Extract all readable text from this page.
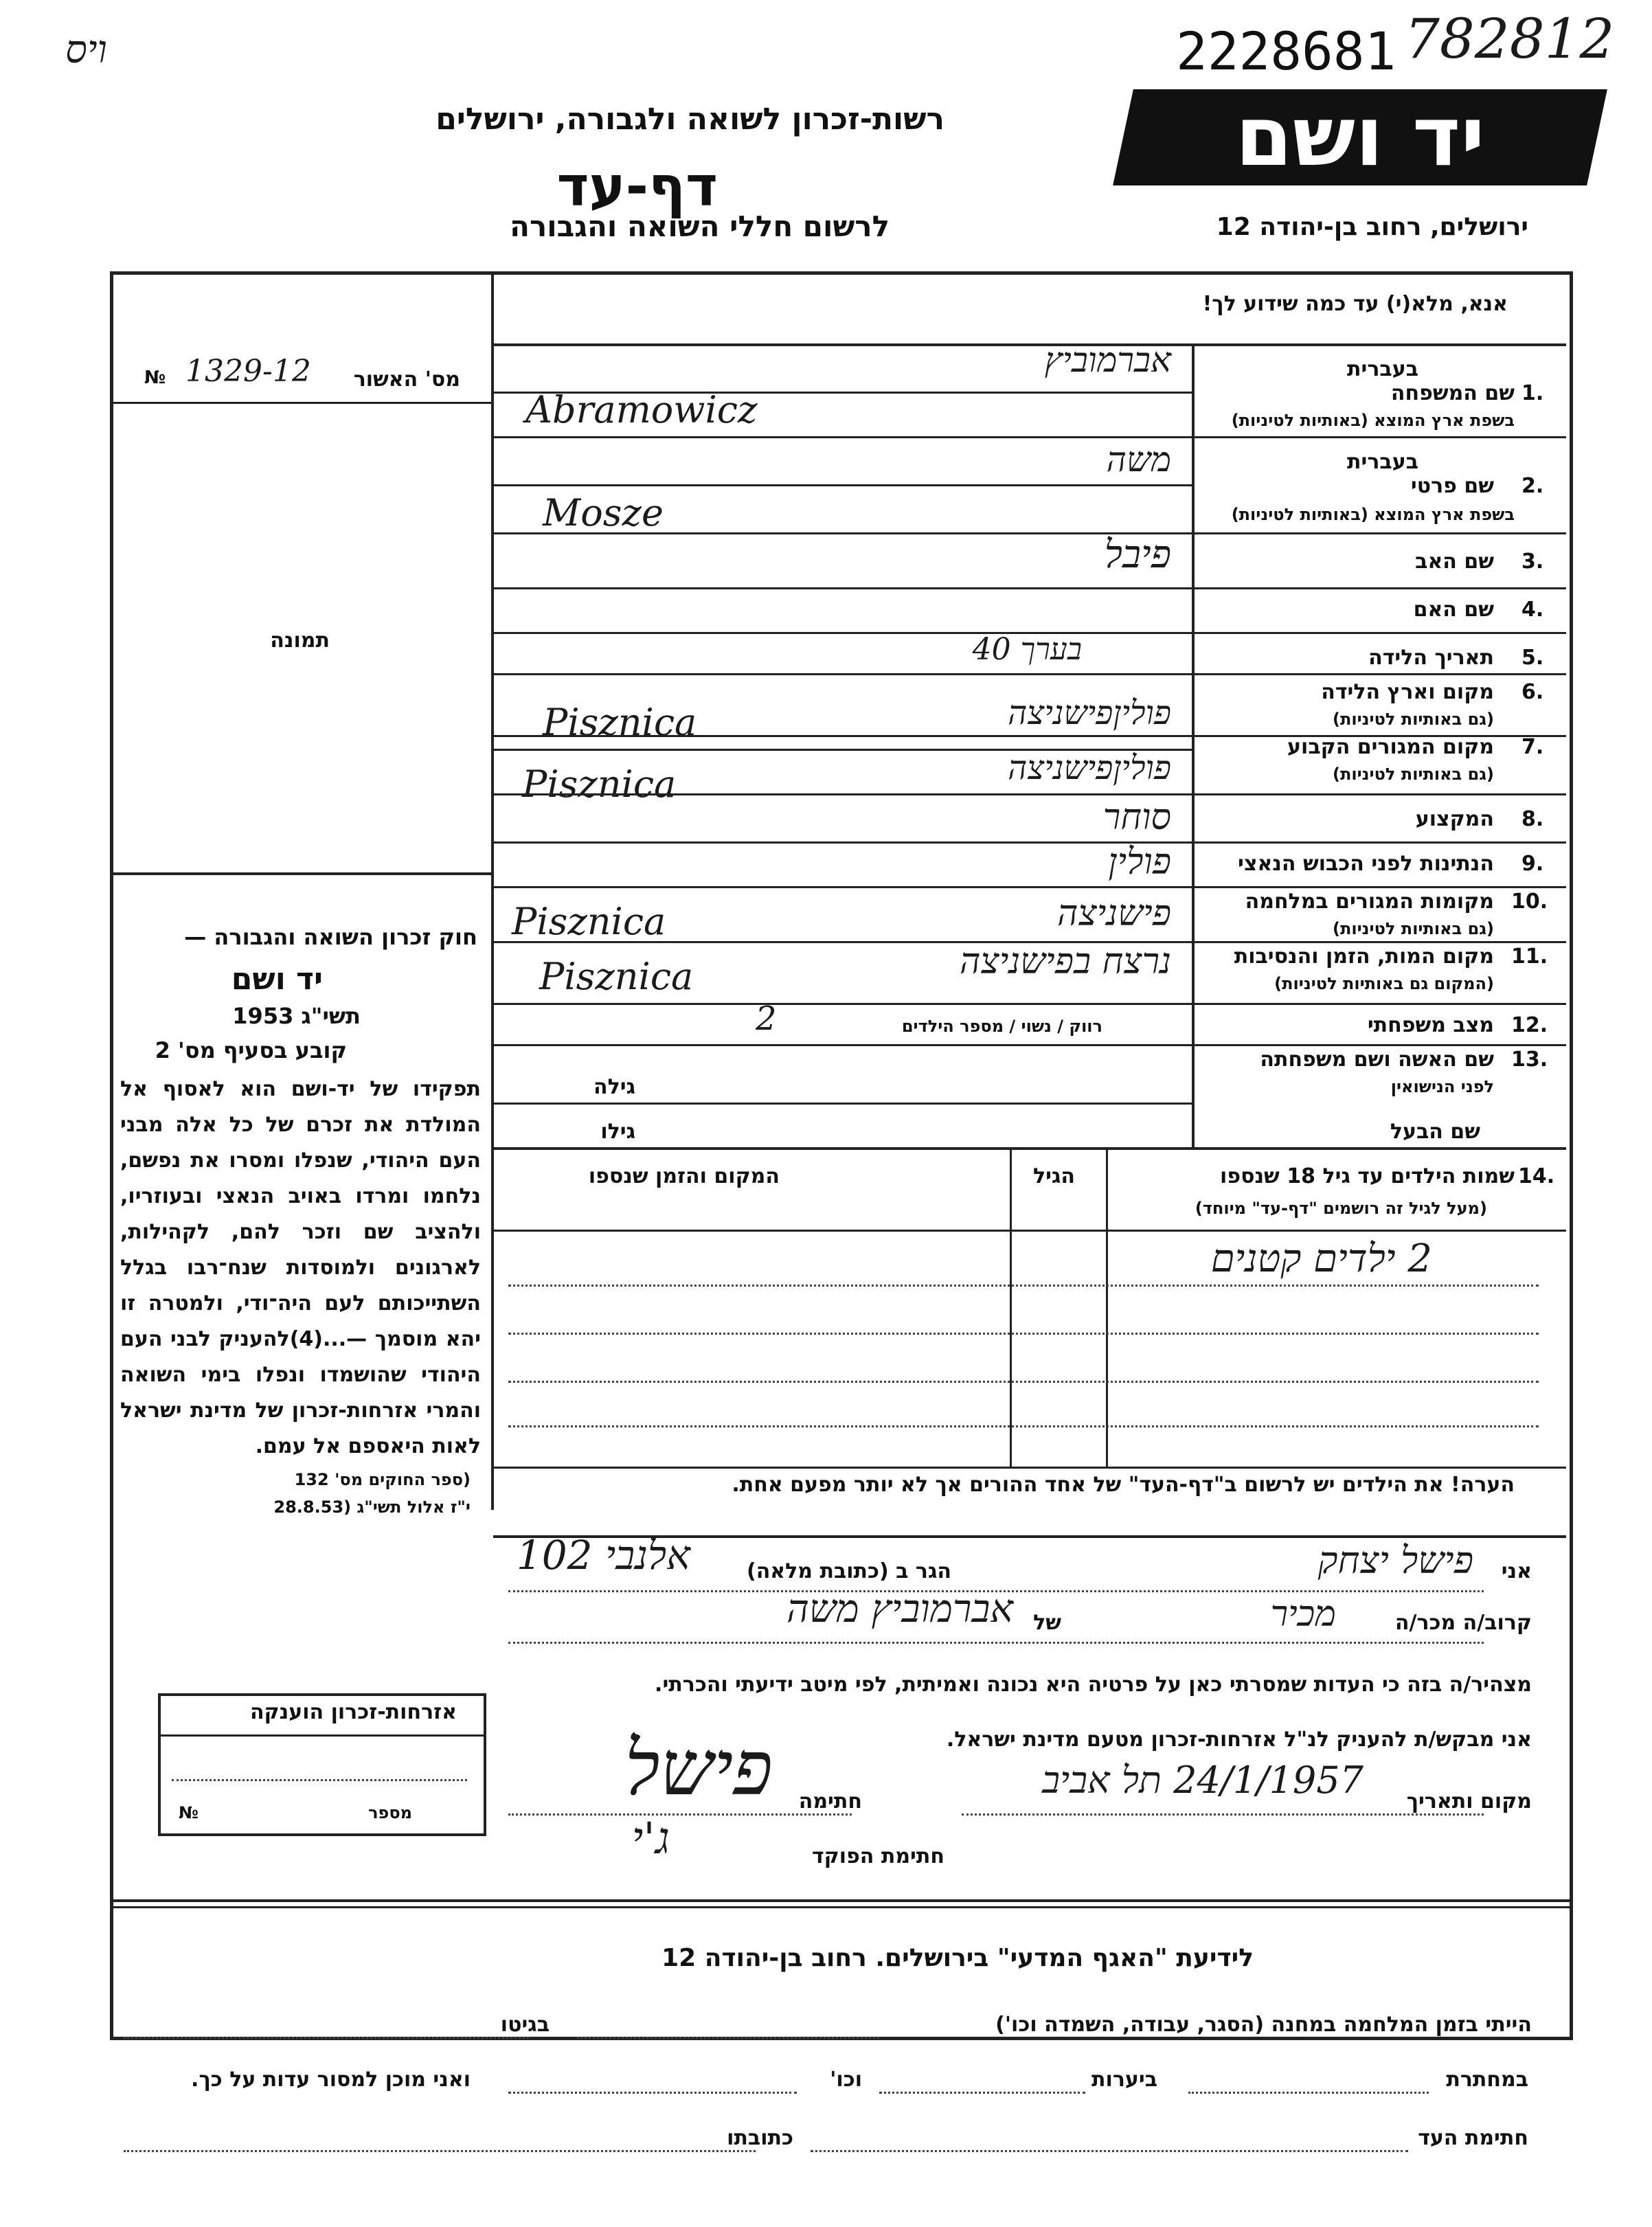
ויס	2228681 782812
יד ושם
רשות-זכרון לשואה ולגבורה, ירושלים
דף-עד
לרשום חללי השואה והגבורה	ירושלים, רחוב בן-יהודה 12
אנא, מלא(י) עד כמה שידוע לך!
מס' האשור
1329-12
№
תמונה
חוק זכרון השואה והגבורה —
יד ושם
תשי"ג 1953
קובע בסעיף מס' 2
תפקידו של יד-ושם הוא לאסוף אל המולדת את זכרם של כל אלה מבני העם היהודי, שנפלו ומסרו את נפשם, נלחמו ומרדו באויב הנאצי ובעוזריו, ולהציב שם וזכר להם, לקהילות, לארגונים ולמוסדות שנח־רבו בגלל השתייכותם לעם היה־ודי, ולמטרה זו יהא מוסמך —...(4)להעניק לבני העם היהודי שהושמדו ונפלו בימי השואה והמרי אזרחות-זכרון של מדינת ישראל לאות היאספם אל עמם.
(ספר החוקים מס' 132
י"ז אלול תשי"ג (28.8.53
בעברית
1.
שם המשפחה
בשפת ארץ המוצא (באותיות לטיניות)
אברמוביץ
Abramowicz
בעברית
2.
שם פרטי
בשפת ארץ המוצא (באותיות לטיניות)
משה
Mosze
3.
שם האב
פיבל
4.
שם האם
5.
תאריך הלידה
בערך 40
6.
מקום וארץ הלידה
(גם באותיות לטיניות)
פוליןפישניצה
Pisznica
7.
מקום המגורים הקבוע
(גם באותיות לטיניות)
פוליןפישניצה
Pisznica
8.
המקצוע
סוחר
9.
הנתינות לפני הכבוש הנאצי
פולין
10.
מקומות המגורים במלחמה
(גם באותיות לטיניות)
פישניצה
Pisznica
11.
מקום המות, הזמן והנסיבות
(המקום גם באותיות לטיניות)
נרצח בפישניצה
Pisznica
12.
מצב משפחתי
רווק / נשוי / מספר הילדים
2
13.
שם האשה ושם משפחתה
לפני הנישואין
גילה
שם הבעל
גילו
14.
שמות הילדים עד גיל 18 שנספו
(מעל לגיל זה רושמים "דף-עד" מיוחד)
הגיל
המקום והזמן שנספו
2 ילדים קטנים
הערה! את הילדים יש לרשום ב"דף-העד" של אחד ההורים אך לא יותר מפעם אחת.
אני
פישל יצחק
הגר ב (כתובת מלאה)
אלנבי 102
קרוב/ה מכר/ה
מכיר
של
אברמוביץ משה
מצהיר/ה בזה כי העדות שמסרתי כאן על פרטיה היא נכונה ואמיתית, לפי מיטב ידיעתי והכרתי.
אני מבקש/ת להעניק לנ"ל אזרחות-זכרון מטעם מדינת ישראל.
מקום ותאריך
24/1/1957 תל אביב
חתימה
פישל
חתימת הפוקד
ג'י
אזרחות-זכרון הוענקה
מספר
№
לידיעת "האגף המדעי" בירושלים. רחוב בן-יהודה 12
הייתי בזמן המלחמה במחנה (הסגר, עבודה, השמדה וכו')
בגיטו
במחתרת
ביערות
וכו'
ואני מוכן למסור עדות על כך.
חתימת העד
כתובתו
